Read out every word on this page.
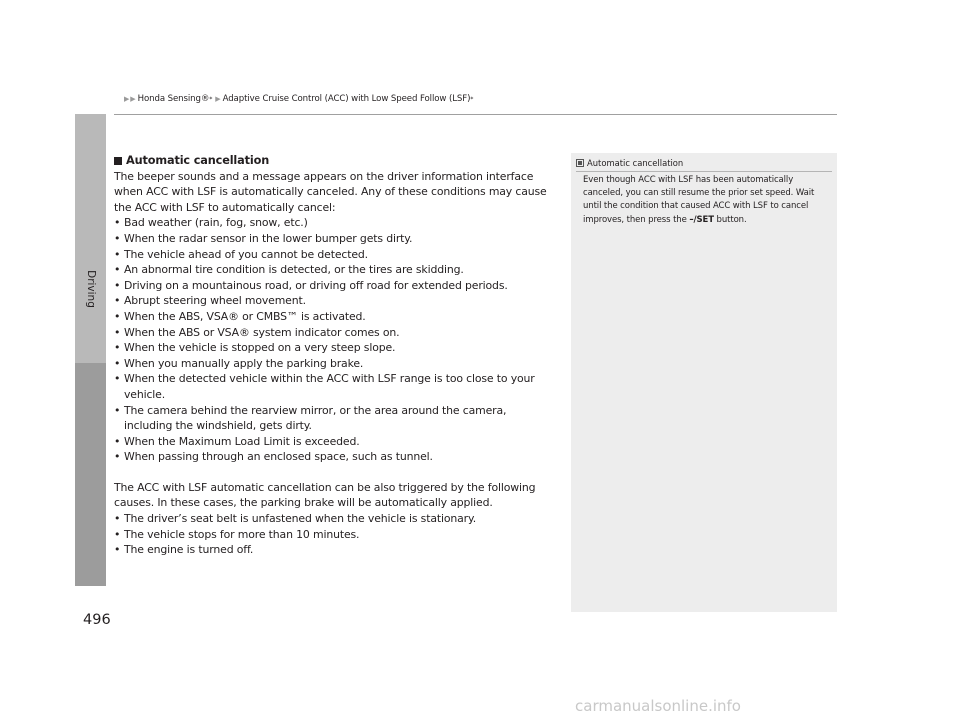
Driving
▶ ▶ Honda Sensing® * ▶ Adaptive Cruise Control (ACC) with Low Speed Follow (LSF) *
Automatic cancellation

The beeper sounds and a message appears on the driver information interface when ACC with LSF is automatically canceled. Any of these conditions may cause the ACC with LSF to automatically cancel:

• Bad weather (rain, fog, snow, etc.)
• When the radar sensor in the lower bumper gets dirty.
• The vehicle ahead of you cannot be detected.
• An abnormal tire condition is detected, or the tires are skidding.
• Driving on a mountainous road, or driving off road for extended periods.
• Abrupt steering wheel movement.
• When the ABS, VSA® or CMBS™ is activated.
• When the ABS or VSA® system indicator comes on.
• When the vehicle is stopped on a very steep slope.
• When you manually apply the parking brake.
• When the detected vehicle within the ACC with LSF range is too close to your vehicle.
• The camera behind the rearview mirror, or the area around the camera, including the windshield, gets dirty.
• When the Maximum Load Limit is exceeded.
• When passing through an enclosed space, such as tunnel.

The ACC with LSF automatic cancellation can be also triggered by the following causes. In these cases, the parking brake will be automatically applied.

• The driver’s seat belt is unfastened when the vehicle is stationary.
• The vehicle stops for more than 10 minutes.
• The engine is turned off.
Automatic cancellation
Even though ACC with LSF has been automatically canceled, you can still resume the prior set speed. Wait until the condition that caused ACC with LSF to cancel improves, then press the –/SET button.
496
carmanualsonline.info
